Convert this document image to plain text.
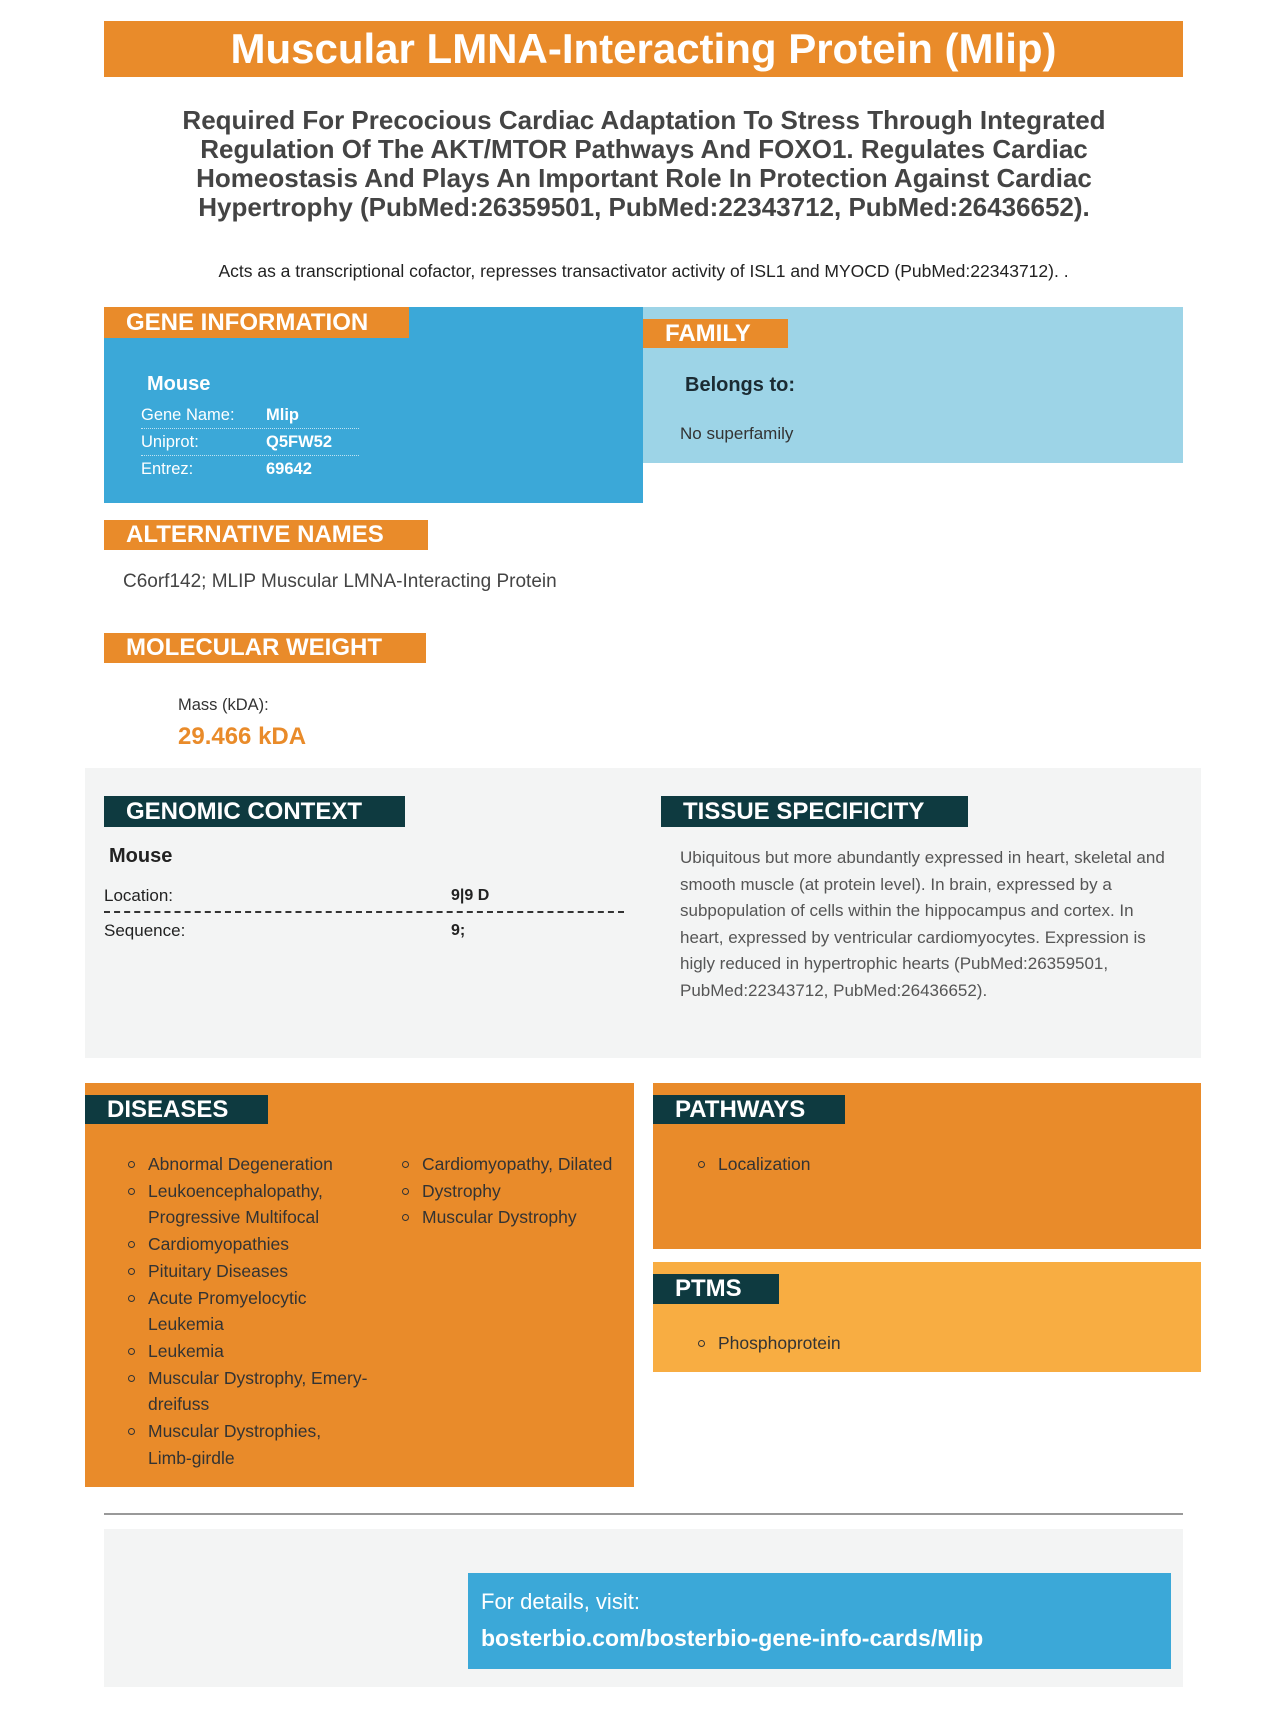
Muscular LMNA-Interacting Protein (Mlip)
Required For Precocious Cardiac Adaptation To Stress Through Integrated Regulation Of The AKT/MTOR Pathways And FOXO1. Regulates Cardiac Homeostasis And Plays An Important Role In Protection Against Cardiac Hypertrophy (PubMed:26359501, PubMed:22343712, PubMed:26436652).
Acts as a transcriptional cofactor, represses transactivator activity of ISL1 and MYOCD (PubMed:22343712). .
Mouse
Gene Name:	Mlip
Uniprot:	Q5FW52
Entrez:	69642
GENE INFORMATION
Belongs to:
No superfamily
FAMILY
ALTERNATIVE NAMES
C6orf142; MLIP Muscular LMNA-Interacting Protein
MOLECULAR WEIGHT
Mass (kDA):
29.466 kDA
GENOMIC CONTEXT
Mouse
Location:	9|9 D
Sequence:	9;
TISSUE SPECIFICITY
Ubiquitous but more abundantly expressed in heart, skeletal and smooth muscle (at protein level). In brain, expressed by a subpopulation of cells within the hippocampus and cortex. In heart, expressed by ventricular cardiomyocytes. Expression is higly reduced in hypertrophic hearts (PubMed:26359501, PubMed:22343712, PubMed:26436652).
Abnormal Degeneration
Leukoencephalopathy, Progressive Multifocal
Cardiomyopathies
Pituitary Diseases
Acute Promyelocytic Leukemia
Leukemia
Muscular Dystrophy, Emery-dreifuss
Muscular Dystrophies, Limb-girdle
Cardiomyopathy, Dilated
Dystrophy
Muscular Dystrophy
DISEASES
Localization
PATHWAYS
Phosphoprotein
PTMS
For details, visit:
bosterbio.com/bosterbio-gene-info-cards/Mlip
